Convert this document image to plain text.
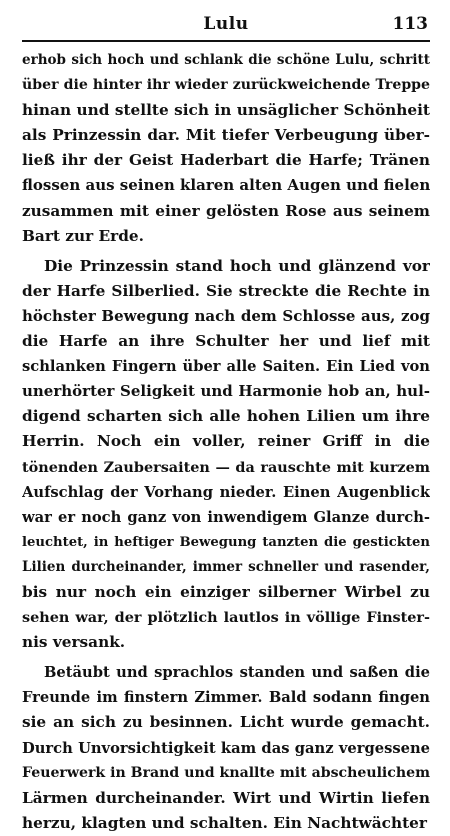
Lulu	113
erhob sich hoch und schlank die schöne Lulu, schritt
über die hinter ihr wieder zurückweichende Treppe
hinan und stellte sich in unsäglicher Schönheit
als Prinzessin dar. Mit tiefer Verbeugung über-
ließ ihr der Geist Haderbart die Harfe; Tränen
flossen aus seinen klaren alten Augen und fielen
zusammen mit einer gelösten Rose aus seinem
Bart zur Erde.
Die Prinzessin stand hoch und glänzend vor
der Harfe Silberlied. Sie streckte die Rechte in
höchster Bewegung nach dem Schlosse aus, zog
die Harfe an ihre Schulter her und lief mit
schlanken Fingern über alle Saiten. Ein Lied von
unerhörter Seligkeit und Harmonie hob an, hul-
digend scharten sich alle hohen Lilien um ihre
Herrin. Noch ein voller, reiner Griff in die
tönenden Zaubersaiten — da rauschte mit kurzem
Aufschlag der Vorhang nieder. Einen Augenblick
war er noch ganz von inwendigem Glanze durch-
leuchtet, in heftiger Bewegung tanzten die gestickten
Lilien durcheinander, immer schneller und rasender,
bis nur noch ein einziger silberner Wirbel zu
sehen war, der plötzlich lautlos in völlige Finster-
nis versank.
Betäubt und sprachlos standen und saßen die
Freunde im finstern Zimmer. Bald sodann fingen
sie an sich zu besinnen. Licht wurde gemacht.
Durch Unvorsichtigkeit kam das ganz vergessene
Feuerwerk in Brand und knallte mit abscheulichem
Lärmen durcheinander. Wirt und Wirtin liefen
herzu, klagten und schalten. Ein Nachtwächter
